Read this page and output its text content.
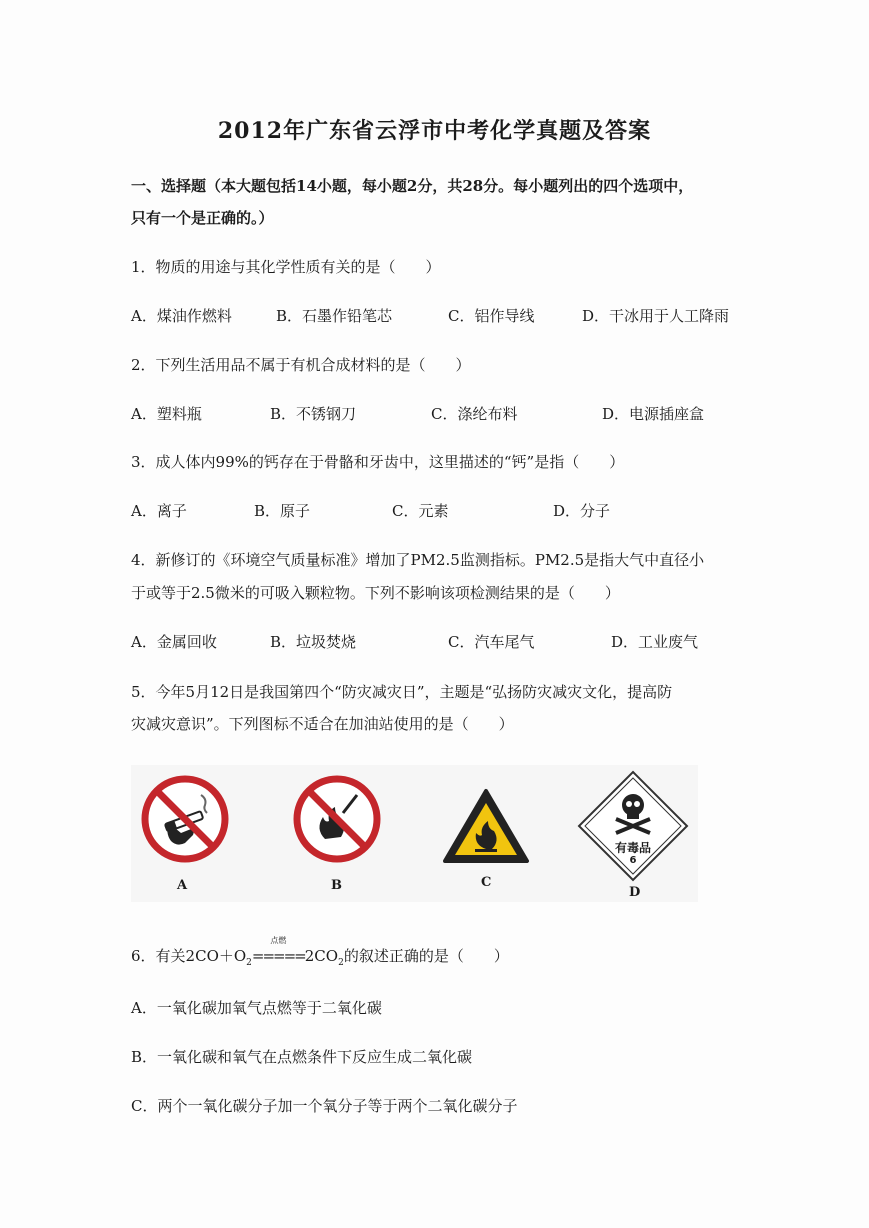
2012年广东省云浮市中考化学真题及答案
一、选择题（本大题包括14小题，每小题2分，共28分。每小题列出的四个选项中，
只有一个是正确的。）
1．物质的用途与其化学性质有关的是（　　）
A．煤油作燃料	B．石墨作铅笔芯	C．铝作导线	D．干冰用于人工降雨
2．下列生活用品不属于有机合成材料的是（　　）
A．塑料瓶	B．不锈钢刀	C．涤纶布料	D．电源插座盒
3．成人体内99%的钙存在于骨骼和牙齿中，这里描述的“钙”是指（　　）
A．离子	B．原子	C．元素	D．分子
4．新修订的《环境空气质量标准》增加了PM2.5监测指标。PM2.5是指大气中直径小
于或等于2.5微米的可吸入颗粒物。下列不影响该项检测结果的是（　　）
A．金属回收	B．垃圾焚烧	C．汽车尾气	D．工业废气
5．今年5月12日是我国第四个“防灾减灾日”，主题是“弘扬防灾减灾文化，提高防
灾减灾意识”。下列图标不适合在加油站使用的是（　　）
A	B	C
有毒品
6
D
6．有关$2CO+O_2$
点燃
$=====2CO_2$的叙述正确的是（　　）
A．一氧化碳加氧气点燃等于二氧化碳
B．一氧化碳和氧气在点燃条件下反应生成二氧化碳
C．两个一氧化碳分子加一个氧分子等于两个二氧化碳分子
